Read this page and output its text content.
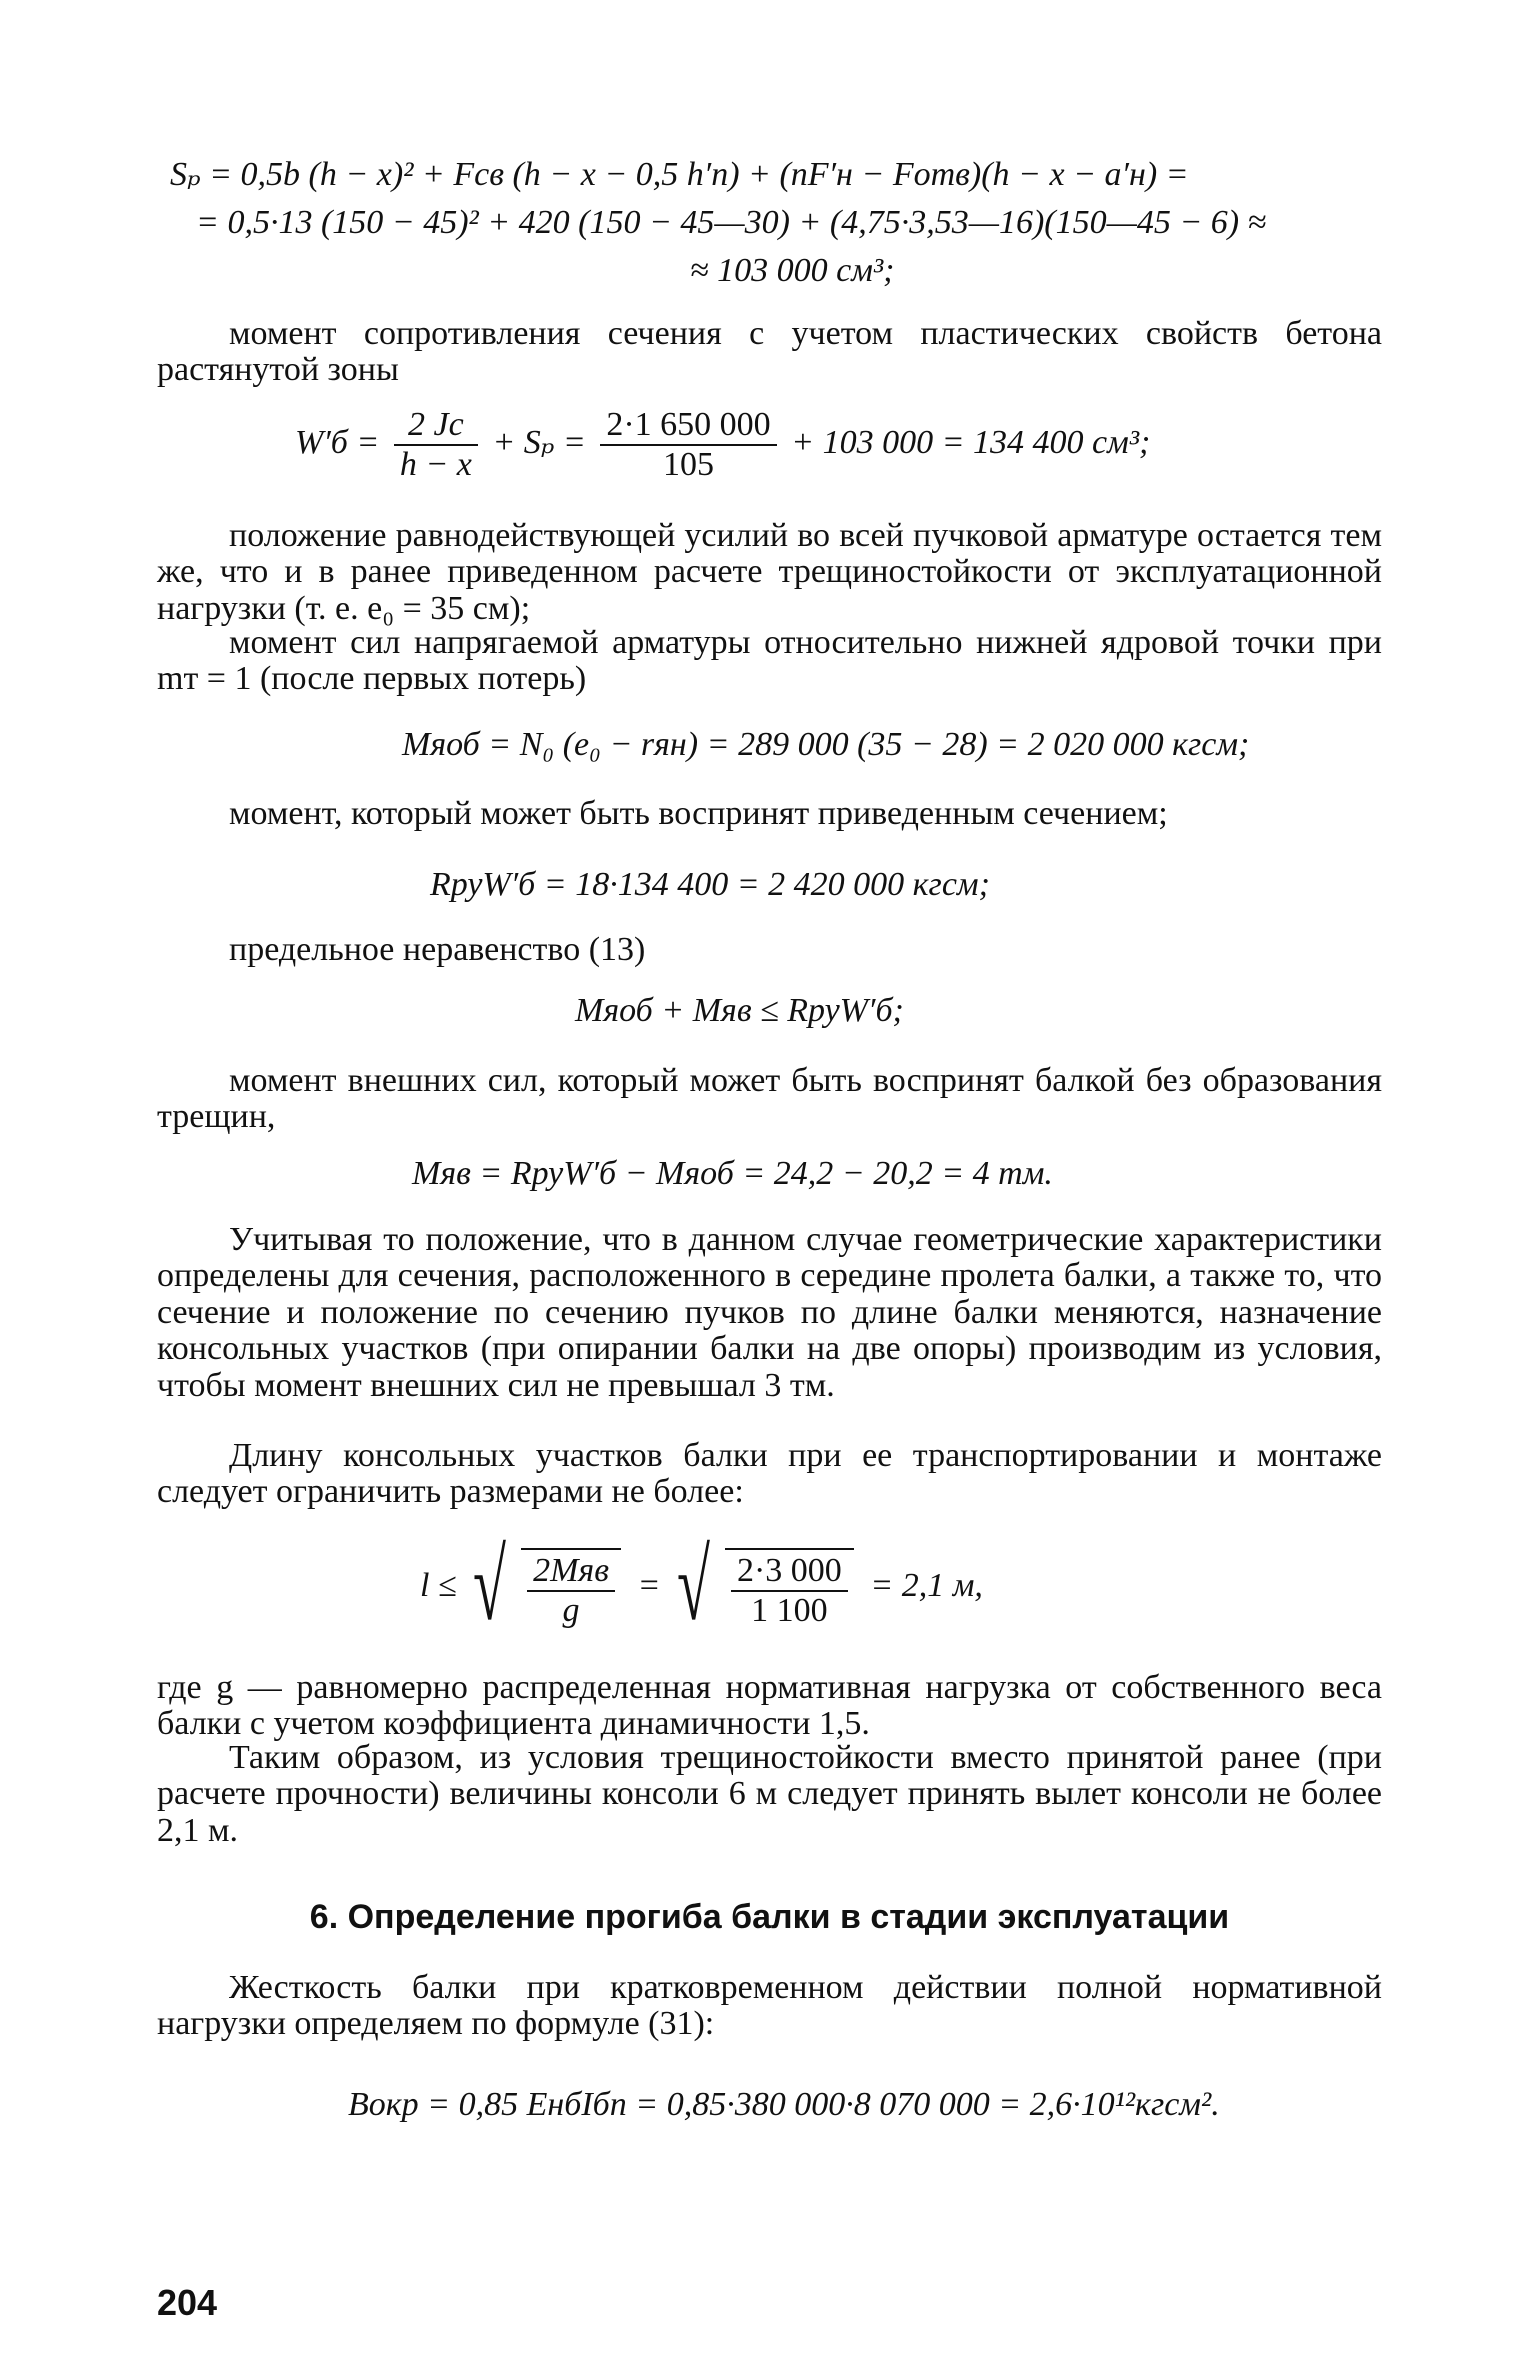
Sₚ = 0,5b (h − x)² + Fсв (h − x − 0,5 h′п) + (nF′н − Fотв)(h − x − a′н) =
= 0,5·13 (150 − 45)² + 420 (150 − 45—30) + (4,75·3,53—16)(150—45 − 6) ≈
≈ 103 000 см³;
момент сопротивления сечения с учетом пластических свойств бетона растянутой зоны
$W'б = \frac{2 Jс}{h - x} + S_p = \frac{2\cdot 1 650 000}{105} + 103$ 000 = 134 400 см³;
положение равнодействующей усилий во всей пучковой арматуре остается тем же, что и в ранее приведенном расчете трещиностойкости от эксплуатационной нагрузки (т. е. e₀ = 35 см);
момент сил напрягаемой арматуры относительно нижней ядровой точки при mт = 1 (после первых потерь)
Mяоб = N₀ (e₀ − rян) = 289 000 (35 − 28) = 2 020 000 кгсм;
момент, который может быть воспринят приведенным сечением;
RруW′б = 18·134 400 = 2 420 000 кгсм;
предельное неравенство (13)
Mяоб + Mяв ≤ RруW′б;
момент внешних сил, который может быть воспринят балкой без образования трещин,
Mяв = RруW′б − Mяоб = 24,2 − 20,2 = 4 тм.
Учитывая то положение, что в данном случае геометрические характеристики определены для сечения, расположенного в середине пролета балки, а также то, что сечение и положение по сечению пучков по длине балки меняются, назначение консольных участков (при опирании балки на две опоры) производим из условия, чтобы момент внешних сил не превышал 3 тм.
Длину консольных участков балки при ее транспортировании и монтаже следует ограничить размерами не более:
l ≤ √ $\frac{\text{2Mяв}}{g}$ = √ $\frac{2\cdot 3 000}{1 100} = 2,1$ м,
где g — равномерно распределенная нормативная нагрузка от собственного веса балки с учетом коэффициента динамичности 1,5.
Таким образом, из условия трещиностойкости вместо принятой ранее (при расчете прочности) величины консоли 6 м следует принять вылет консоли не более 2,1 м.
6. Определение прогиба балки в стадии эксплуатации
Жесткость балки при кратковременном действии полной нормативной нагрузки определяем по формуле (31):
Bокр = 0,85 EнбIбп = 0,85·380 000·8 070 000 = 2,6·10¹²кгсм².
204
